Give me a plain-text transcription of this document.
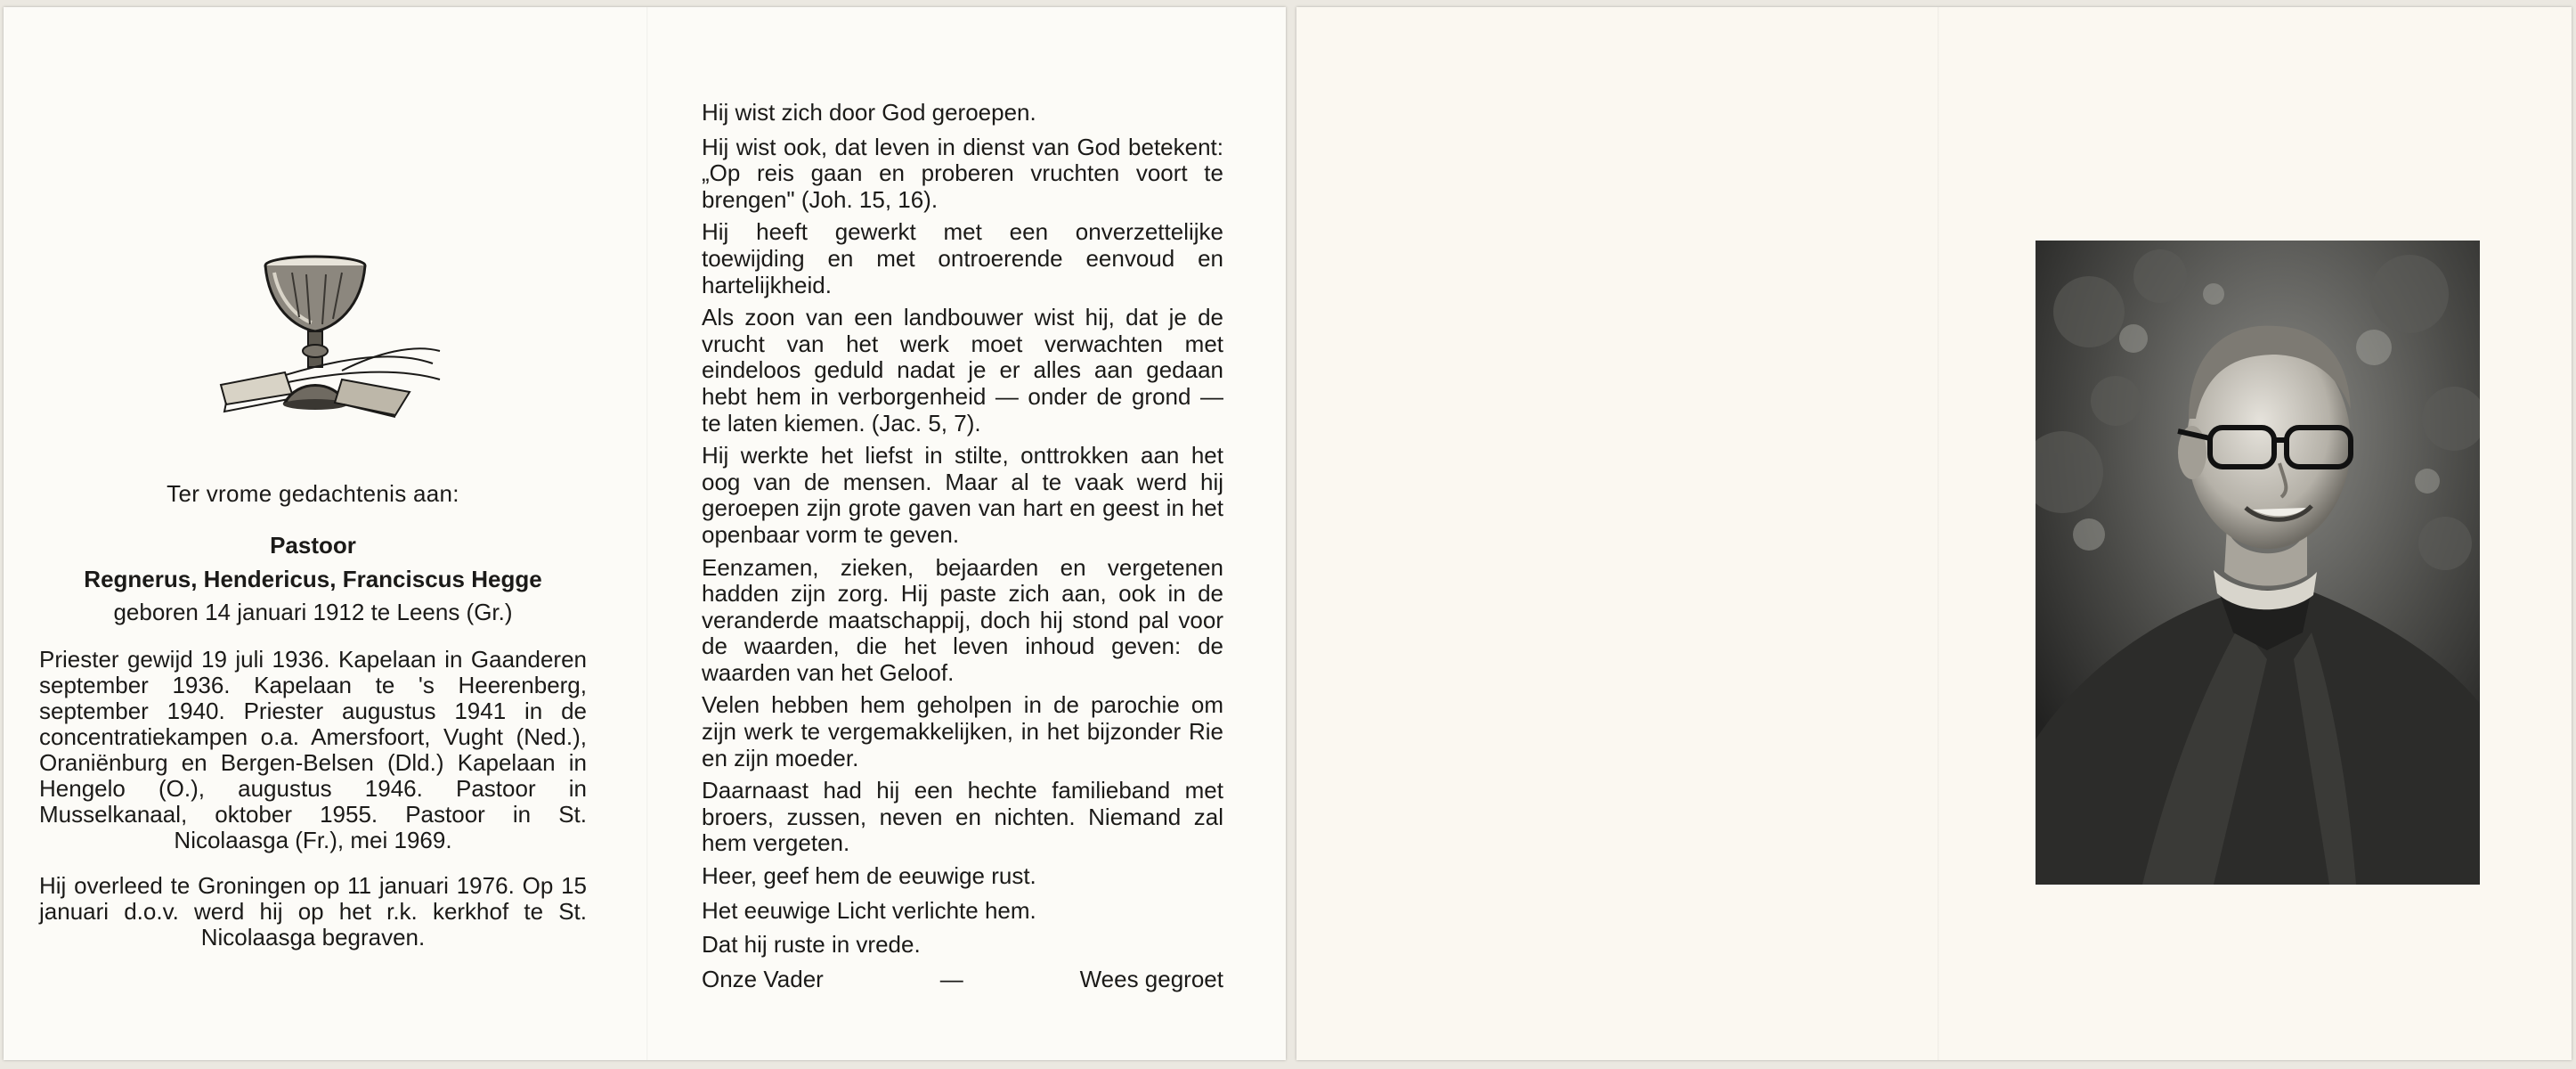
Ter vrome gedachtenis aan:

Pastoor

Regnerus, Hendericus, Franciscus Hegge

geboren 14 januari 1912 te Leens (Gr.)

Priester gewijd 19 juli 1936. Kapelaan in Gaanderen september 1936. Kapelaan te 's Heerenberg, september 1940. Priester augustus 1941 in de concentratiekampen o.a. Amersfoort, Vught (Ned.), Oraniënburg en Bergen-Belsen (Dld.) Kapelaan in Hengelo (O.), augustus 1946. Pastoor in Musselkanaal, oktober 1955. Pastoor in St. Nicolaasga (Fr.), mei 1969.

Hij overleed te Groningen op 11 januari 1976. Op 15 januari d.o.v. werd hij op het r.k. kerkhof te St. Nicolaasga begraven.

Hij wist zich door God geroepen.

Hij wist ook, dat leven in dienst van God betekent: „Op reis gaan en proberen vruchten voort te brengen" (Joh. 15, 16).

Hij heeft gewerkt met een onverzettelijke toewijding en met ontroerende eenvoud en hartelijkheid.

Als zoon van een landbouwer wist hij, dat je de vrucht van het werk moet verwachten met eindeloos geduld nadat je er alles aan gedaan hebt hem in verborgenheid — onder de grond — te laten kiemen. (Jac. 5, 7).

Hij werkte het liefst in stilte, onttrokken aan het oog van de mensen. Maar al te vaak werd hij geroepen zijn grote gaven van hart en geest in het openbaar vorm te geven.

Eenzamen, zieken, bejaarden en vergetenen hadden zijn zorg. Hij paste zich aan, ook in de veranderde maatschappij, doch hij stond pal voor de waarden, die het leven inhoud geven: de waarden van het Geloof.

Velen hebben hem geholpen in de parochie om zijn werk te vergemakkelijken, in het bijzonder Rie en zijn moeder.

Daarnaast had hij een hechte familieband met broers, zussen, neven en nichten. Niemand zal hem vergeten.

Heer, geef hem de eeuwige rust.

Het eeuwige Licht verlichte hem.

Dat hij ruste in vrede.

Onze Vader	—	Wees gegroet
